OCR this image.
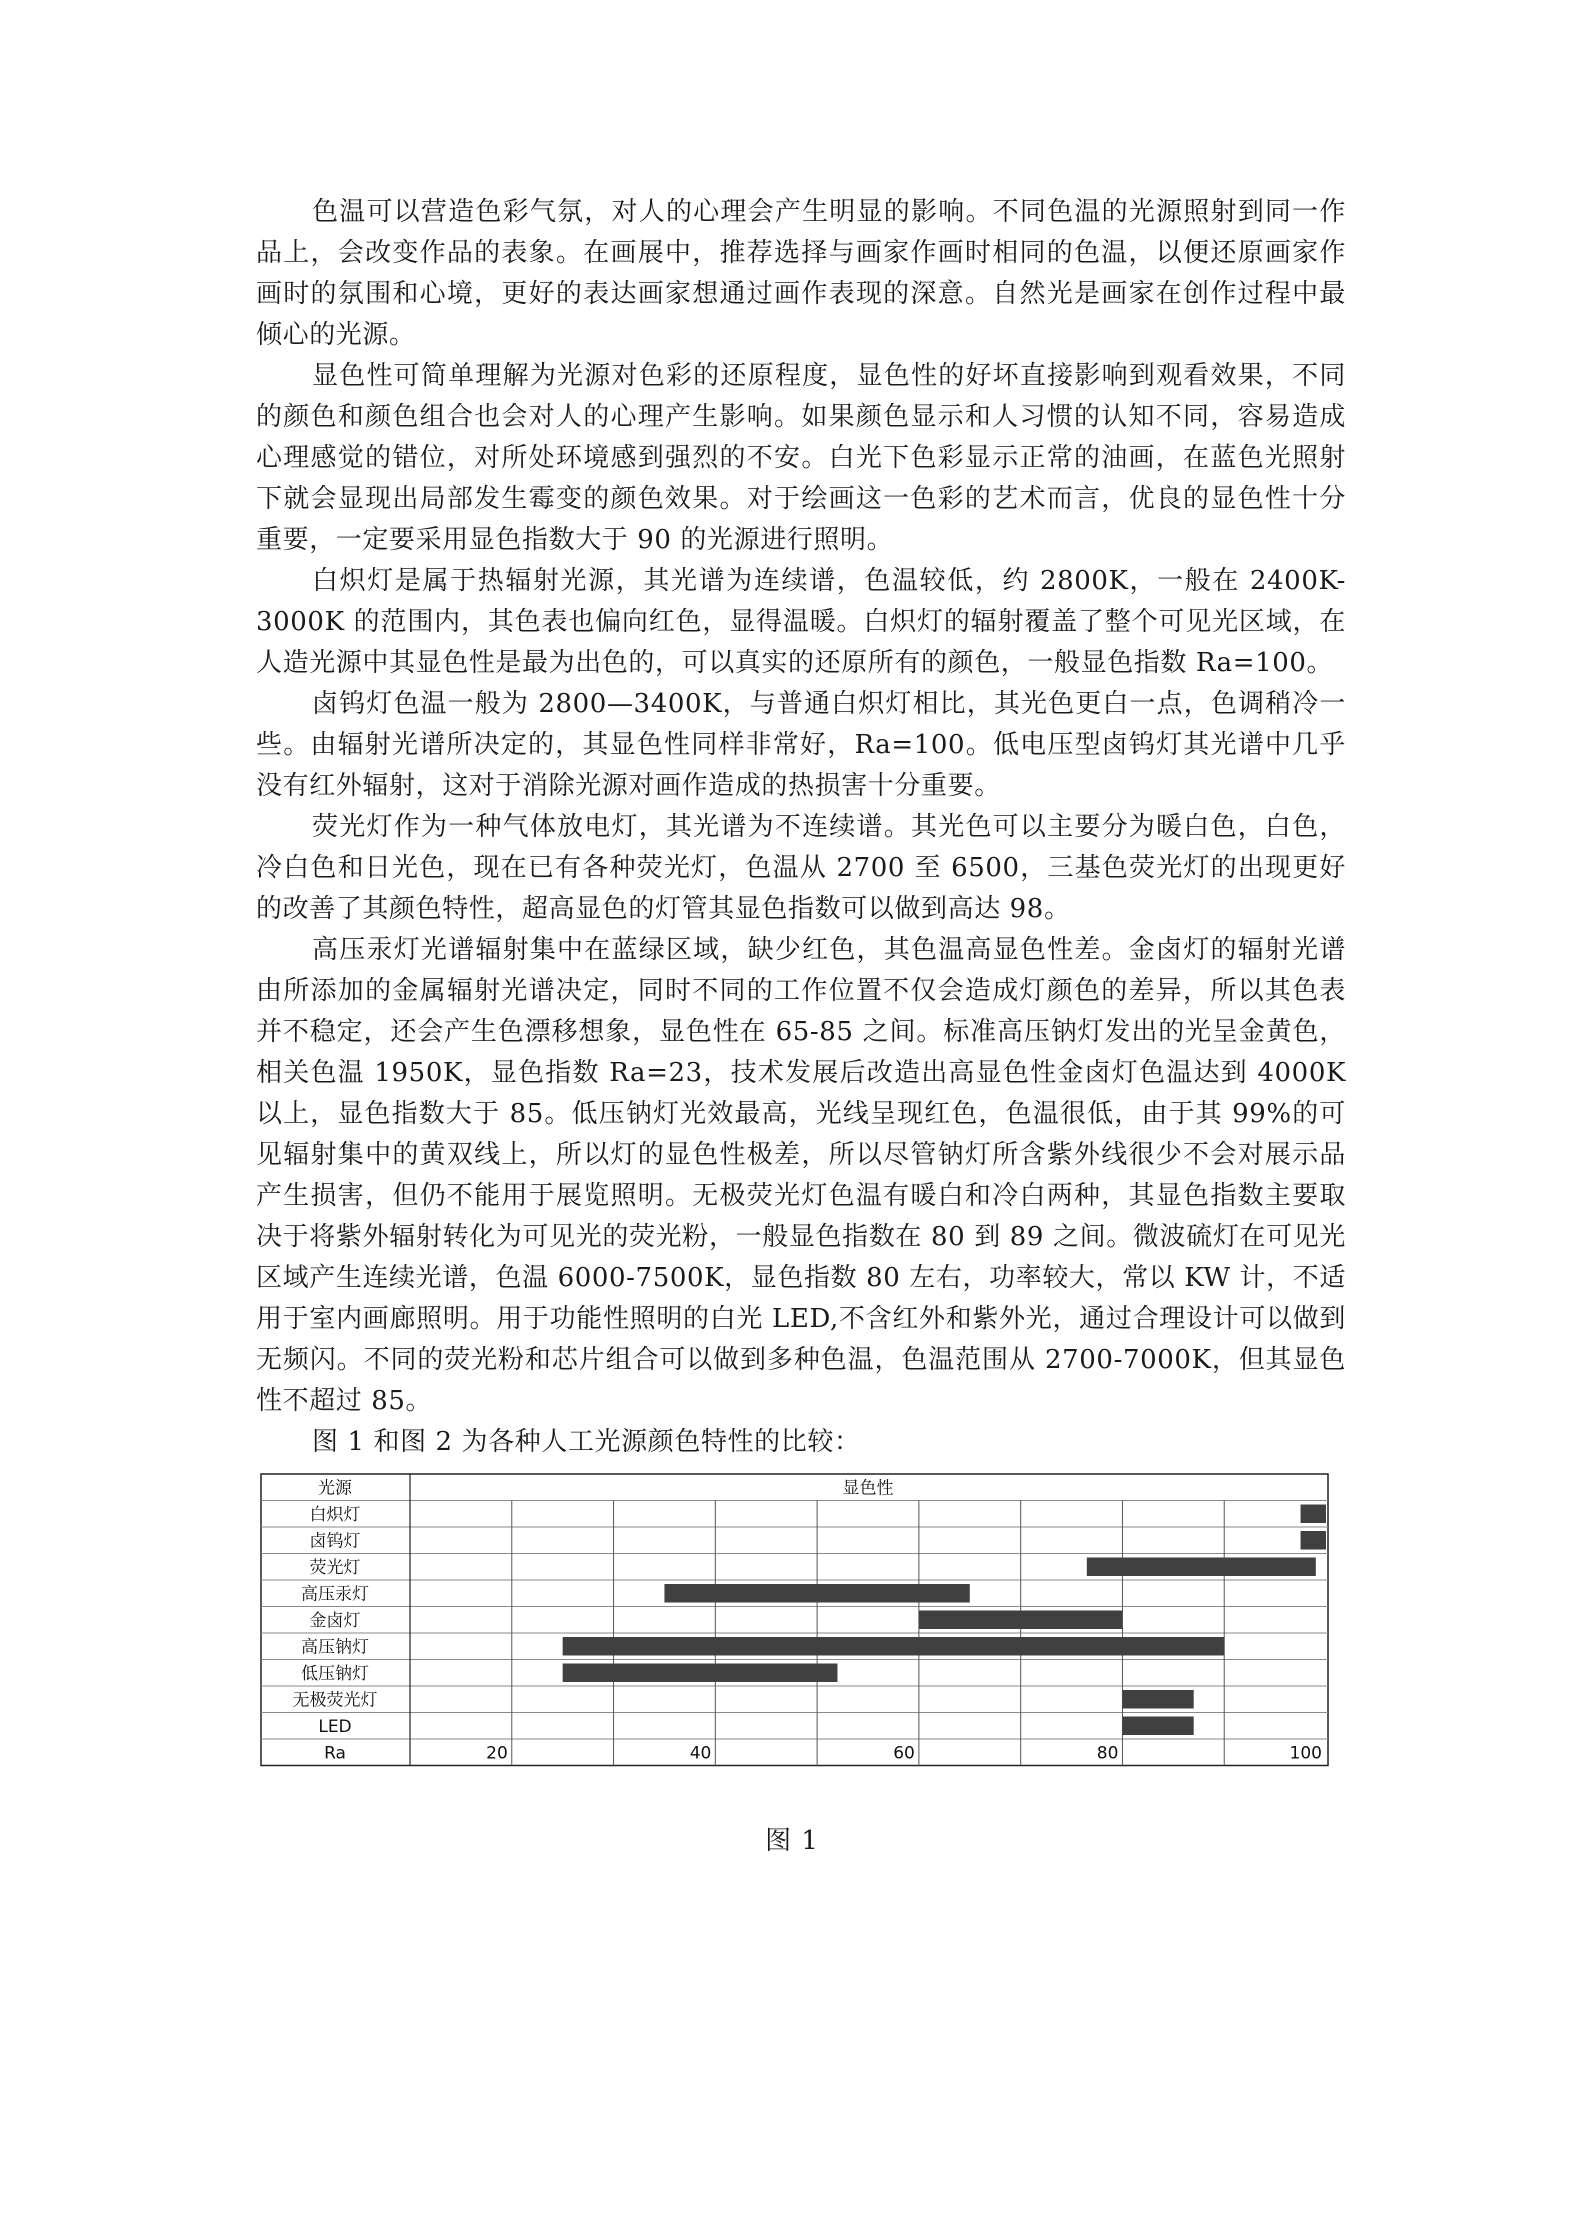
色温可以营造色彩气氛，对人的心理会产生明显的影响。不同色温的光源照射到同一作品上，会改变作品的表象。在画展中，推荐选择与画家作画时相同的色温，以便还原画家作画时的氛围和心境，更好的表达画家想通过画作表现的深意。自然光是画家在创作过程中最倾心的光源。

显色性可简单理解为光源对色彩的还原程度，显色性的好坏直接影响到观看效果，不同的颜色和颜色组合也会对人的心理产生影响。如果颜色显示和人习惯的认知不同，容易造成心理感觉的错位，对所处环境感到强烈的不安。白光下色彩显示正常的油画，在蓝色光照射下就会显现出局部发生霉变的颜色效果。对于绘画这一色彩的艺术而言，优良的显色性十分重要，一定要采用显色指数大于 90 的光源进行照明。

白炽灯是属于热辐射光源，其光谱为连续谱，色温较低，约 2800K，一般在 2400K-3000K 的范围内，其色表也偏向红色，显得温暖。白炽灯的辐射覆盖了整个可见光区域，在人造光源中其显色性是最为出色的，可以真实的还原所有的颜色，一般显色指数 Ra=100。

卤钨灯色温一般为 2800—3400K，与普通白炽灯相比，其光色更白一点，色调稍冷一些。由辐射光谱所决定的，其显色性同样非常好，Ra=100。低电压型卤钨灯其光谱中几乎没有红外辐射，这对于消除光源对画作造成的热损害十分重要。

荧光灯作为一种气体放电灯，其光谱为不连续谱。其光色可以主要分为暖白色，白色，冷白色和日光色，现在已有各种荧光灯，色温从 2700 至 6500，三基色荧光灯的出现更好的改善了其颜色特性，超高显色的灯管其显色指数可以做到高达 98。

高压汞灯光谱辐射集中在蓝绿区域，缺少红色，其色温高显色性差。金卤灯的辐射光谱由所添加的金属辐射光谱决定，同时不同的工作位置不仅会造成灯颜色的差异，所以其色表并不稳定，还会产生色漂移想象，显色性在 65-85 之间。标准高压钠灯发出的光呈金黄色，相关色温 1950K，显色指数 Ra=23，技术发展后改造出高显色性金卤灯色温达到 4000K 以上，显色指数大于 85。低压钠灯光效最高，光线呈现红色，色温很低，由于其 99%的可见辐射集中的黄双线上，所以灯的显色性极差，所以尽管钠灯所含紫外线很少不会对展示品产生损害，但仍不能用于展览照明。无极荧光灯色温有暖白和冷白两种，其显色指数主要取决于将紫外辐射转化为可见光的荧光粉，一般显色指数在 80 到 89 之间。微波硫灯在可见光区域产生连续光谱，色温 6000-7500K，显色指数 80 左右，功率较大，常以 KW 计，不适用于室内画廊照明。用于功能性照明的白光 LED,不含红外和紫外光，通过合理设计可以做到无频闪。不同的荧光粉和芯片组合可以做到多种色温，色温范围从 2700-7000K，但其显色性不超过 85。

图 1 和图 2 为各种人工光源颜色特性的比较：

光源	显色性
白炽灯
卤钨灯
荧光灯
高压汞灯
金卤灯
高压钠灯
低压钠灯
无极荧光灯
LED
Ra	20	40	60	80	100
图 1
